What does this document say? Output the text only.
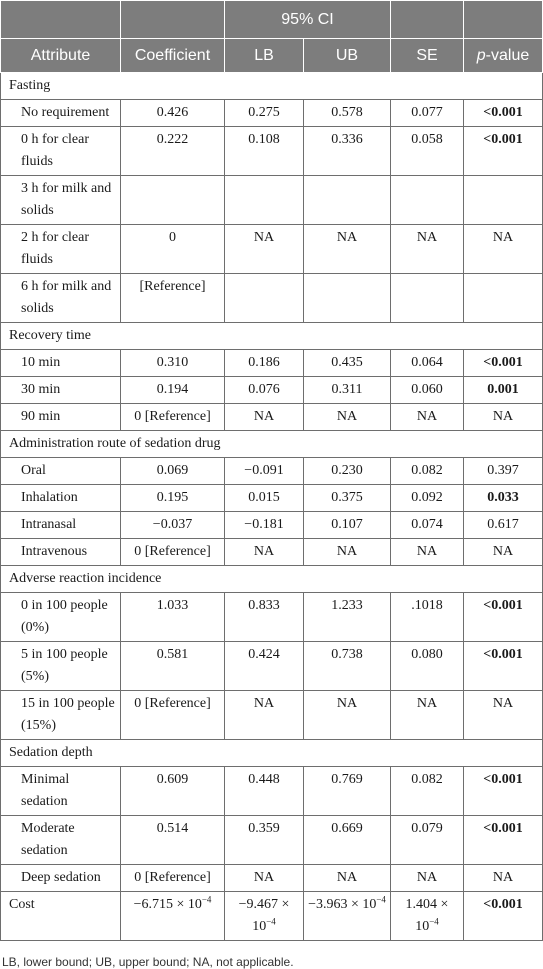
		95% CI			
Attribute	Coefficient	LB	UB	SE	p-value
Fasting					
No requirement	0.426	0.275	0.578	0.077	<0.001
0 h for clear fluids	0.222	0.108	0.336	0.058	<0.001
3 h for milk and solids					
2 h for clear fluids	0	NA	NA	NA	NA
6 h for milk and solids	[Reference]				
Recovery time					
10 min	0.310	0.186	0.435	0.064	<0.001
30 min	0.194	0.076	0.311	0.060	0.001
90 min	0 [Reference]	NA	NA	NA	NA
Administration route of sedation drug					
Oral	0.069	−0.091	0.230	0.082	0.397
Inhalation	0.195	0.015	0.375	0.092	0.033
Intranasal	−0.037	−0.181	0.107	0.074	0.617
Intravenous	0 [Reference]	NA	NA	NA	NA
Adverse reaction incidence					
0 in 100 people (0%)	1.033	0.833	1.233	.1018	<0.001
5 in 100 people (5%)	0.581	0.424	0.738	0.080	<0.001
15 in 100 people (15%)	0 [Reference]	NA	NA	NA	NA
Sedation depth					
Minimal sedation	0.609	0.448	0.769	0.082	<0.001
Moderate sedation	0.514	0.359	0.669	0.079	<0.001
Deep sedation	0 [Reference]	NA	NA	NA	NA
Cost	$-6.715 \times 10^{-4}$	$-9.467 \times 10^{-4}$	$-3.963 \times 10^{-4}$	$1.404 \times 10^{-4}$	<0.001
LB, lower bound; UB, upper bound; NA, not applicable.
